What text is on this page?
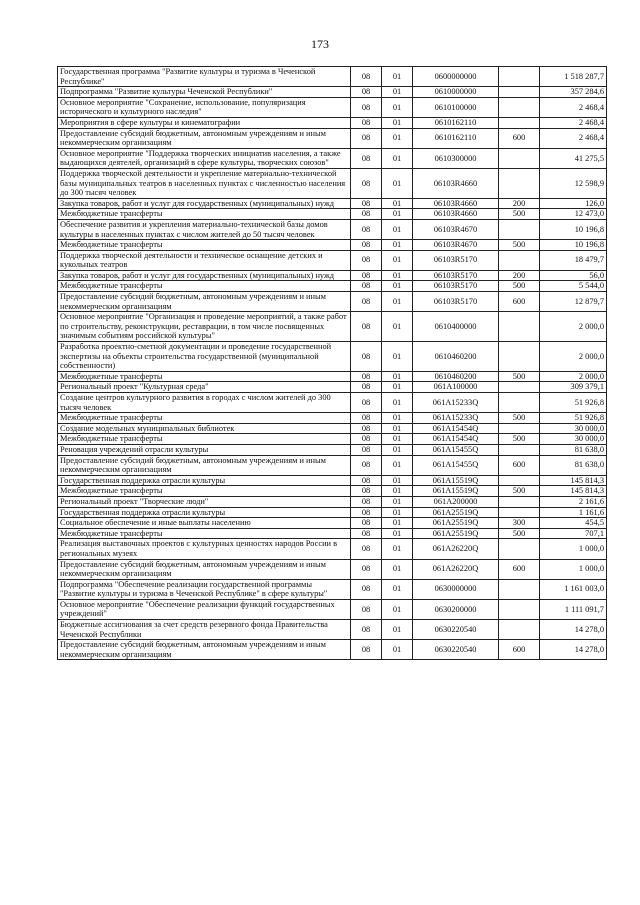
173
Государственная программа "Развитие культуры и туризма в Чеченской Республике"	08	01	0600000000		1 518 287,7
Подпрограмма "Развитие культуры Чеченской Республики"	08	01	0610000000		357 284,6
Основное мероприятие "Сохранение, использование, популяризация исторического и культурного наследия"	08	01	0610100000		2 468,4
Мероприятия в сфере культуры и кинематографии	08	01	0610162110		2 468,4
Предоставление субсидий бюджетным, автономным учреждениям и иным некоммерческим организациям	08	01	0610162110	600	2 468,4
Основное мероприятие "Поддержка творческих инициатив населения, а также выдающихся деятелей, организаций в сфере культуры, творческих союзов"	08	01	0610300000		41 275,5
Поддержка творческой деятельности и укрепление материально-технической базы муниципальных театров в населенных пунктах с численностью населения до 300 тысяч человек	08	01	06103R4660		12 598,9
Закупка товаров, работ и услуг для государственных (муниципальных) нужд	08	01	06103R4660	200	126,0
Межбюджетные трансферты	08	01	06103R4660	500	12 473,0
Обеспечение развития и укрепления материально-технической базы домов культуры в населенных пунктах с числом жителей до 50 тысяч человек	08	01	06103R4670		10 196,8
Межбюджетные трансферты	08	01	06103R4670	500	10 196,8
Поддержка творческой деятельности и техническое оснащение детских и кукольных театров	08	01	06103R5170		18 479,7
Закупка товаров, работ и услуг для государственных (муниципальных) нужд	08	01	06103R5170	200	56,0
Межбюджетные трансферты	08	01	06103R5170	500	5 544,0
Предоставление субсидий бюджетным, автономным учреждениям и иным некоммерческим организациям	08	01	06103R5170	600	12 879,7
Основное мероприятие "Организация и проведение мероприятий, а также работ по строительству, реконструкции, реставрации, в том числе посвященных значимым событиям российской культуры"	08	01	0610400000		2 000,0
Разработка проектно-сметной документации и проведение государственной экспертизы на объекты строительства государственной (муниципальной собственности)	08	01	0610460200		2 000,0
Межбюджетные трансферты	08	01	0610460200	500	2 000,0
Региональный проект "Культурная среда"	08	01	061A100000		309 379,1
Создание центров культурного развития в городах с числом жителей до 300 тысяч человек	08	01	061A15233Q		51 926,8
Межбюджетные трансферты	08	01	061A15233Q	500	51 926,8
Создание модельных муниципальных библиотек	08	01	061A15454Q		30 000,0
Межбюджетные трансферты	08	01	061A15454Q	500	30 000,0
Реновация учреждений отрасли культуры	08	01	061A15455Q		81 638,0
Предоставление субсидий бюджетным, автономным учреждениям и иным некоммерческим организациям	08	01	061A15455Q	600	81 638,0
Государственная поддержка отрасли культуры	08	01	061A15519Q		145 814,3
Межбюджетные трансферты	08	01	061A15519Q	500	145 814,3
Региональный проект "Творческие люди"	08	01	061A200000		2 161,6
Государственная поддержка отрасли культуры	08	01	061A25519Q		1 161,6
Социальное обеспечение и иные выплаты населению	08	01	061A25519Q	300	454,5
Межбюджетные трансферты	08	01	061A25519Q	500	707,1
Реализация выставочных проектов с культурных ценностях народов России в региональных музеях	08	01	061A26220Q		1 000,0
Предоставление субсидий бюджетным, автономным учреждениям и иным некоммерческим организациям	08	01	061A26220Q	600	1 000,0
Подпрограмма "Обеспечение реализации государственной программы "Развитие культуры и туризма в Чеченской Республике" в сфере культуры"	08	01	0630000000		1 161 003,0
Основное мероприятие "Обеспечение реализации функций государственных учреждений"	08	01	0630200000		1 111 091,7
Бюджетные ассигнования за счет средств резервного фонда Правительства Чеченской Республики	08	01	0630220540		14 278,0
Предоставление субсидий бюджетным, автономным учреждениям и иным некоммерческим организациям	08	01	0630220540	600	14 278,0
